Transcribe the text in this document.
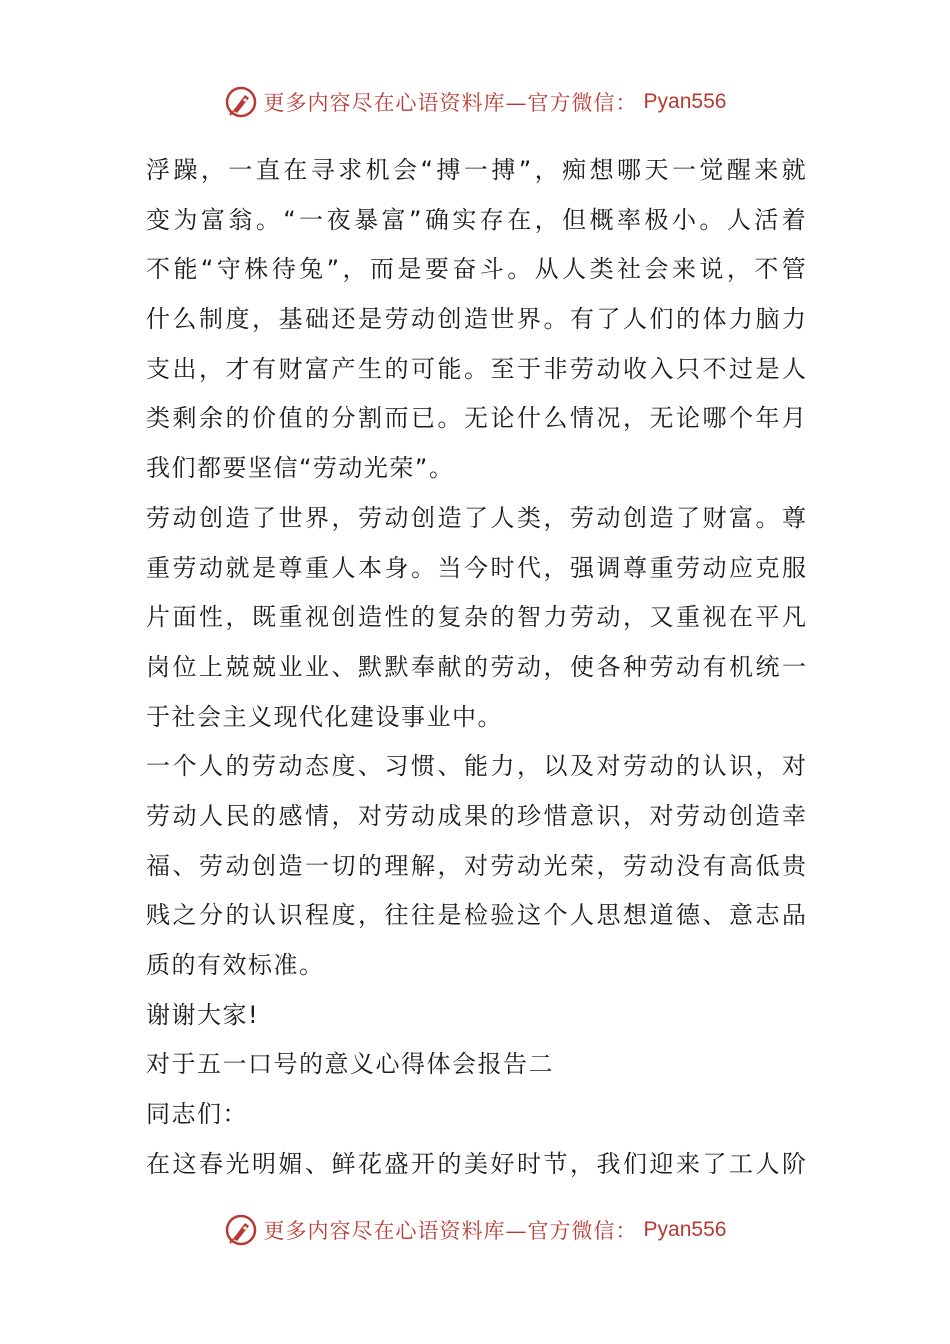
更多内容尽在心语资料库—官方微信： Pyan556
浮 躁 ， 一 直 在 寻 求 机 会 “ 搏 一 搏 ” ， 痴 想 哪 天 一 觉 醒 来 就
变 为 富 翁 。 “ 一 夜 暴 富 ” 确 实 存 在 ， 但 概 率 极 小 。 人 活 着
不 能 “ 守 株 待 兔 ” ， 而 是 要 奋 斗 。 从 人 类 社 会 来 说 ， 不 管
什 么 制 度 ， 基 础 还 是 劳 动 创 造 世 界 。 有 了 人 们 的 体 力 脑 力
支 出 ， 才 有 财 富 产 生 的 可 能 。 至 于 非 劳 动 收 入 只 不 过 是 人
类 剩 余 的 价 值 的 分 割 而 已 。 无 论 什 么 情 况 ， 无 论 哪 个 年 月
我们都要坚信“劳动光荣”。
劳 动 创 造 了 世 界 ， 劳 动 创 造 了 人 类 ， 劳 动 创 造 了 财 富 。 尊
重 劳 动 就 是 尊 重 人 本 身 。 当 今 时 代 ， 强 调 尊 重 劳 动 应 克 服
片 面 性 ， 既 重 视 创 造 性 的 复 杂 的 智 力 劳 动 ， 又 重 视 在 平 凡
岗 位 上 兢 兢 业 业 、 默 默 奉 献 的 劳 动 ， 使 各 种 劳 动 有 机 统 一
于社会主义现代化建设事业中。
一 个 人 的 劳 动 态 度 、 习 惯 、 能 力 ， 以 及 对 劳 动 的 认 识 ， 对
劳 动 人 民 的 感 情 ， 对 劳 动 成 果 的 珍 惜 意 识 ， 对 劳 动 创 造 幸
福 、 劳 动 创 造 一 切 的 理 解 ， 对 劳 动 光 荣 ， 劳 动 没 有 高 低 贵
贱 之 分 的 认 识 程 度 ， 往 往 是 检 验 这 个 人 思 想 道 德 、 意 志 品
质的有效标准。
谢谢大家!
对于五一口号的意义心得体会报告二
同志们：
在 这 春 光 明 媚 、 鲜 花 盛 开 的 美 好 时 节 ， 我 们 迎 来 了 工 人 阶
更多内容尽在心语资料库—官方微信： Pyan556
